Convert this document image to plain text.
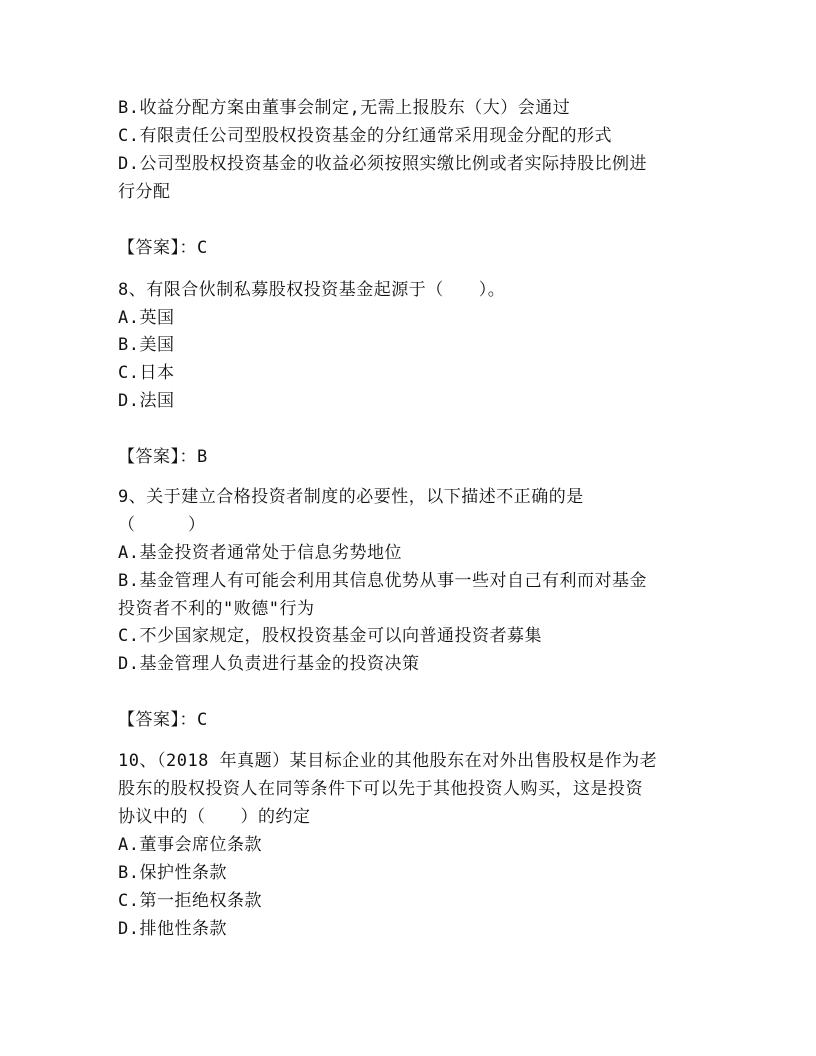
B.收益分配方案由董事会制定,无需上报股东（大）会通过
C.有限责任公司型股权投资基金的分红通常采用现金分配的形式
D.公司型股权投资基金的收益必须按照实缴比例或者实际持股比例进
行分配
【答案】：C
8、有限合伙制私募股权投资基金起源于（　　）。
A.英国
B.美国
C.日本
D.法国
【答案】：B
9、关于建立合格投资者制度的必要性，以下描述不正确的是
（　　　）
A.基金投资者通常处于信息劣势地位
B.基金管理人有可能会利用其信息优势从事一些对自己有利而对基金
投资者不利的"败德"行为
C.不少国家规定，股权投资基金可以向普通投资者募集
D.基金管理人负责进行基金的投资决策
【答案】：C
10、（2018 年真题）某目标企业的其他股东在对外出售股权是作为老
股东的股权投资人在同等条件下可以先于其他投资人购买，这是投资
协议中的（　　）的约定
A.董事会席位条款
B.保护性条款
C.第一拒绝权条款
D.排他性条款
